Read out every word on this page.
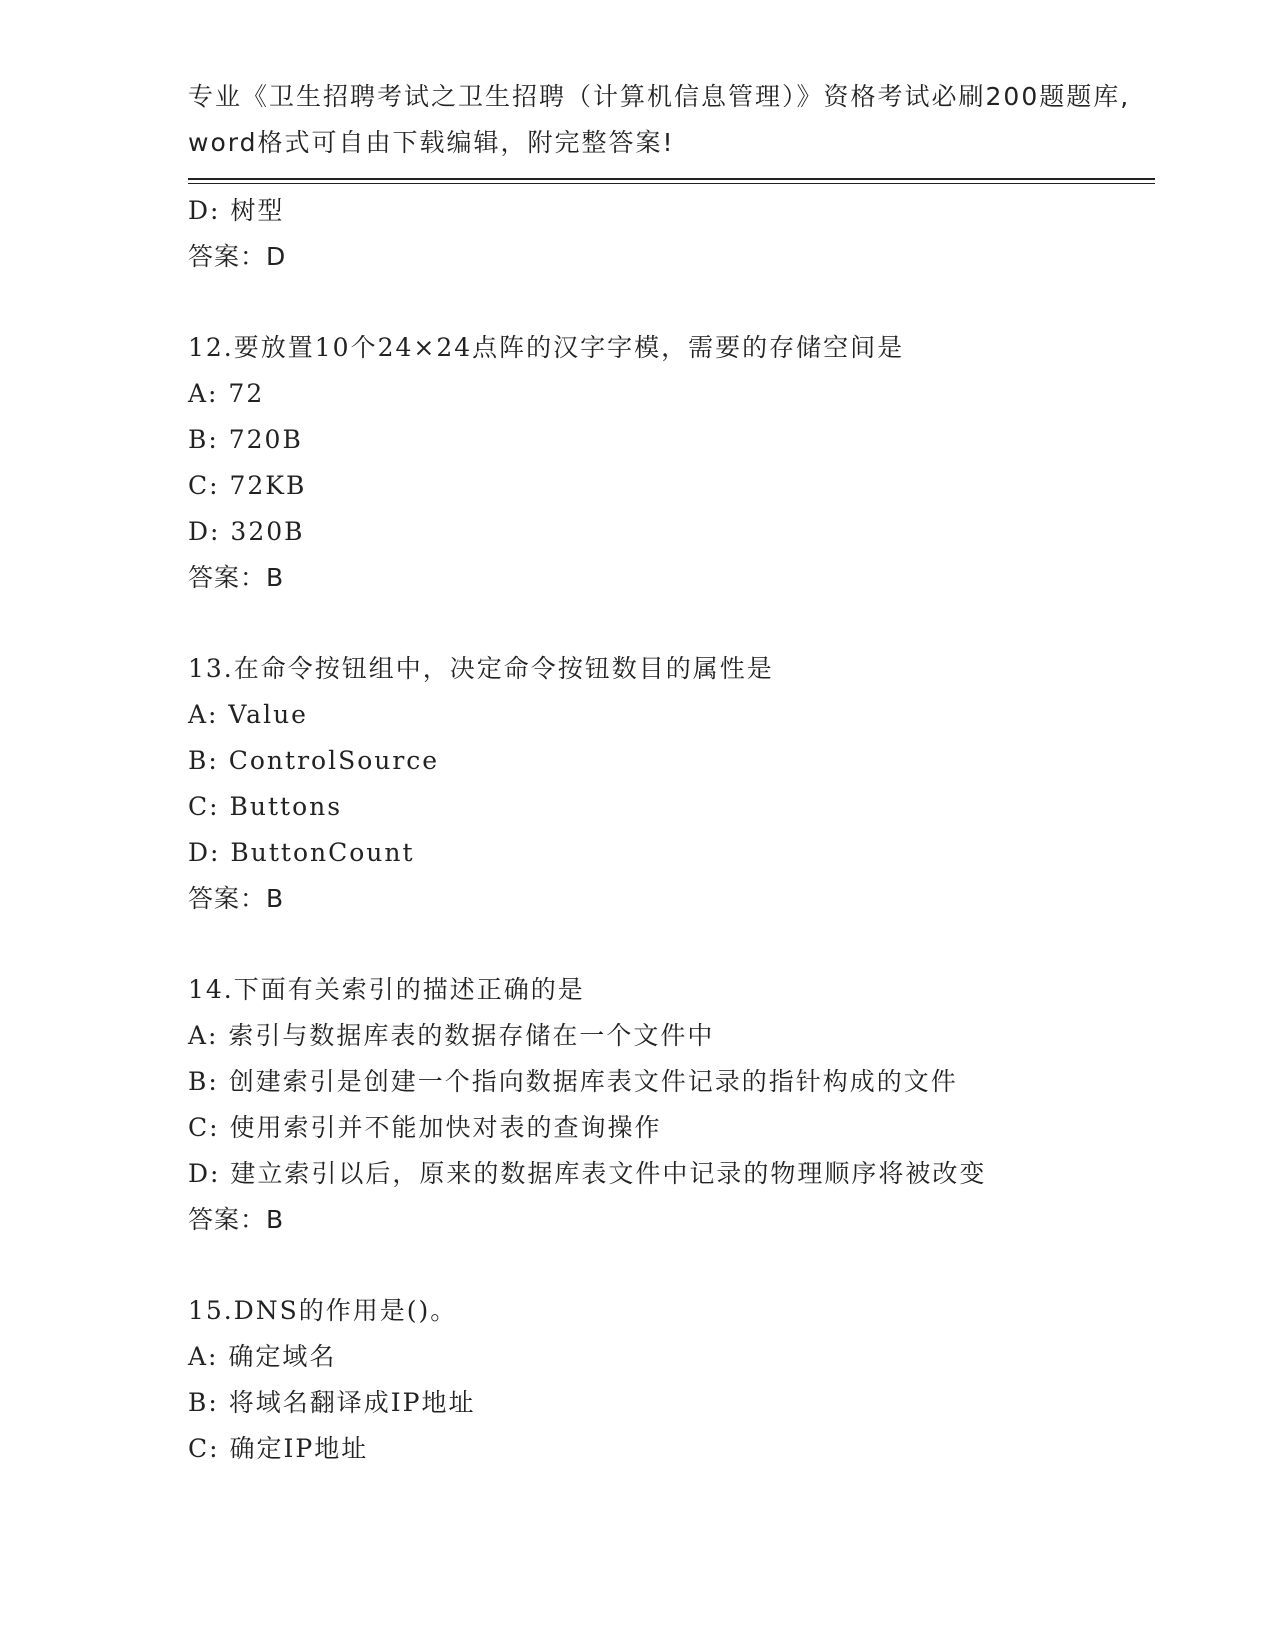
专业《卫生招聘考试之卫生招聘（计算机信息管理）》资格考试必刷200题题库,
word格式可自由下载编辑，附完整答案!
D: 树型
答案：D
12.要放置10个24×24点阵的汉字字模，需要的存储空间是
A: 72
B: 720B
C: 72KB
D: 320B
答案：B
13.在命令按钮组中，决定命令按钮数目的属性是
A: Value
B: ControlSource
C: Buttons
D: ButtonCount
答案：B
14.下面有关索引的描述正确的是
A: 索引与数据库表的数据存储在一个文件中
B: 创建索引是创建一个指向数据库表文件记录的指针构成的文件
C: 使用索引并不能加快对表的查询操作
D: 建立索引以后，原来的数据库表文件中记录的物理顺序将被改变
答案：B
15.DNS的作用是()。
A: 确定域名
B: 将域名翻译成IP地址
C: 确定IP地址
